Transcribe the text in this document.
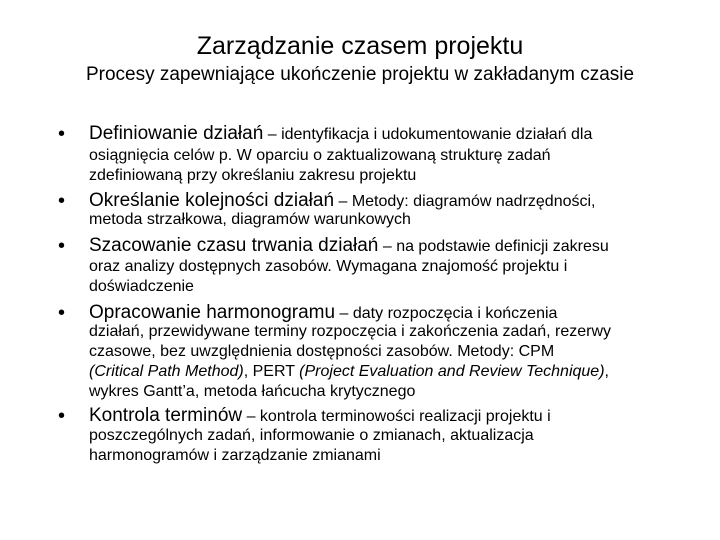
Zarządzanie czasem projektu
Procesy zapewniające ukończenie projektu w zakładanym czasie
• Definiowanie działań – identyfikacja i udokumentowanie działań dla
osiągnięcia celów p. W oparciu o zaktualizowaną strukturę zadań
zdefiniowaną przy określaniu zakresu projektu
• Określanie kolejności działań – Metody: diagramów nadrzędności,
metoda strzałkowa, diagramów warunkowych
• Szacowanie czasu trwania działań – na podstawie definicji zakresu
oraz analizy dostępnych zasobów. Wymagana znajomość projektu i
doświadczenie
• Opracowanie harmonogramu – daty rozpoczęcia i kończenia
działań, przewidywane terminy rozpoczęcia i zakończenia zadań, rezerwy
czasowe, bez uwzględnienia dostępności zasobów. Metody: CPM
(Critical Path Method), PERT (Project Evaluation and Review Technique),
wykres Gantt’a, metoda łańcucha krytycznego
• Kontrola terminów – kontrola terminowości realizacji projektu i
poszczególnych zadań, informowanie o zmianach, aktualizacja
harmonogramów i zarządzanie zmianami
